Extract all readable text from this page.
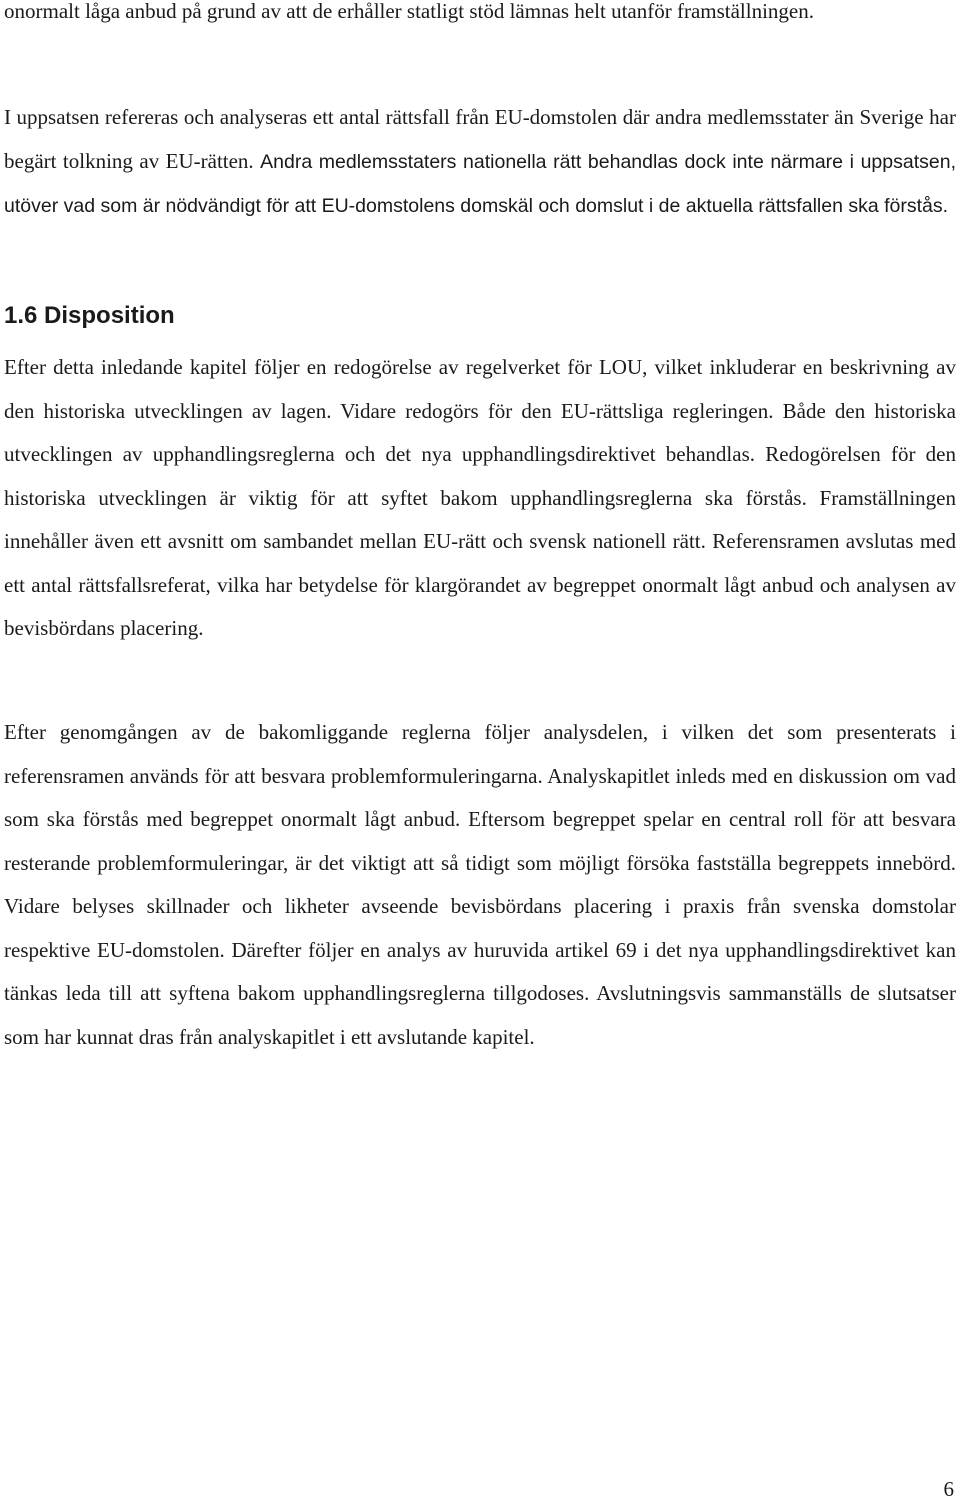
onormalt låga anbud på grund av att de erhåller statligt stöd lämnas helt utanför framställningen.

I uppsatsen refereras och analyseras ett antal rättsfall från EU-domstolen där andra medlemsstater än Sverige har begärt tolkning av EU-rätten. Andra medlemsstaters nationella rätt behandlas dock inte närmare i uppsatsen, utöver vad som är nödvändigt för att EU-domstolens domskäl och domslut i de aktuella rättsfallen ska förstås.

1.6 Disposition

Efter detta inledande kapitel följer en redogörelse av regelverket för LOU, vilket inkluderar en beskrivning av den historiska utvecklingen av lagen. Vidare redogörs för den EU-rättsliga regleringen. Både den historiska utvecklingen av upphandlingsreglerna och det nya upphandlingsdirektivet behandlas. Redogörelsen för den historiska utvecklingen är viktig för att syftet bakom upphandlingsreglerna ska förstås. Framställningen innehåller även ett avsnitt om sambandet mellan EU-rätt och svensk nationell rätt. Referensramen avslutas med ett antal rättsfallsreferat, vilka har betydelse för klargörandet av begreppet onormalt lågt anbud och analysen av bevisbördans placering.

Efter genomgången av de bakomliggande reglerna följer analysdelen, i vilken det som presenterats i referensramen används för att besvara problemformuleringarna. Analyskapitlet inleds med en diskussion om vad som ska förstås med begreppet onormalt lågt anbud. Eftersom begreppet spelar en central roll för att besvara resterande problemformuleringar, är det viktigt att så tidigt som möjligt försöka fastställa begreppets innebörd. Vidare belyses skillnader och likheter avseende bevisbördans placering i praxis från svenska domstolar respektive EU-domstolen. Därefter följer en analys av huruvida artikel 69 i det nya upphandlingsdirektivet kan tänkas leda till att syftena bakom upphandlingsreglerna tillgodoses. Avslutningsvis sammanställs de slutsatser som har kunnat dras från analyskapitlet i ett avslutande kapitel.

6
